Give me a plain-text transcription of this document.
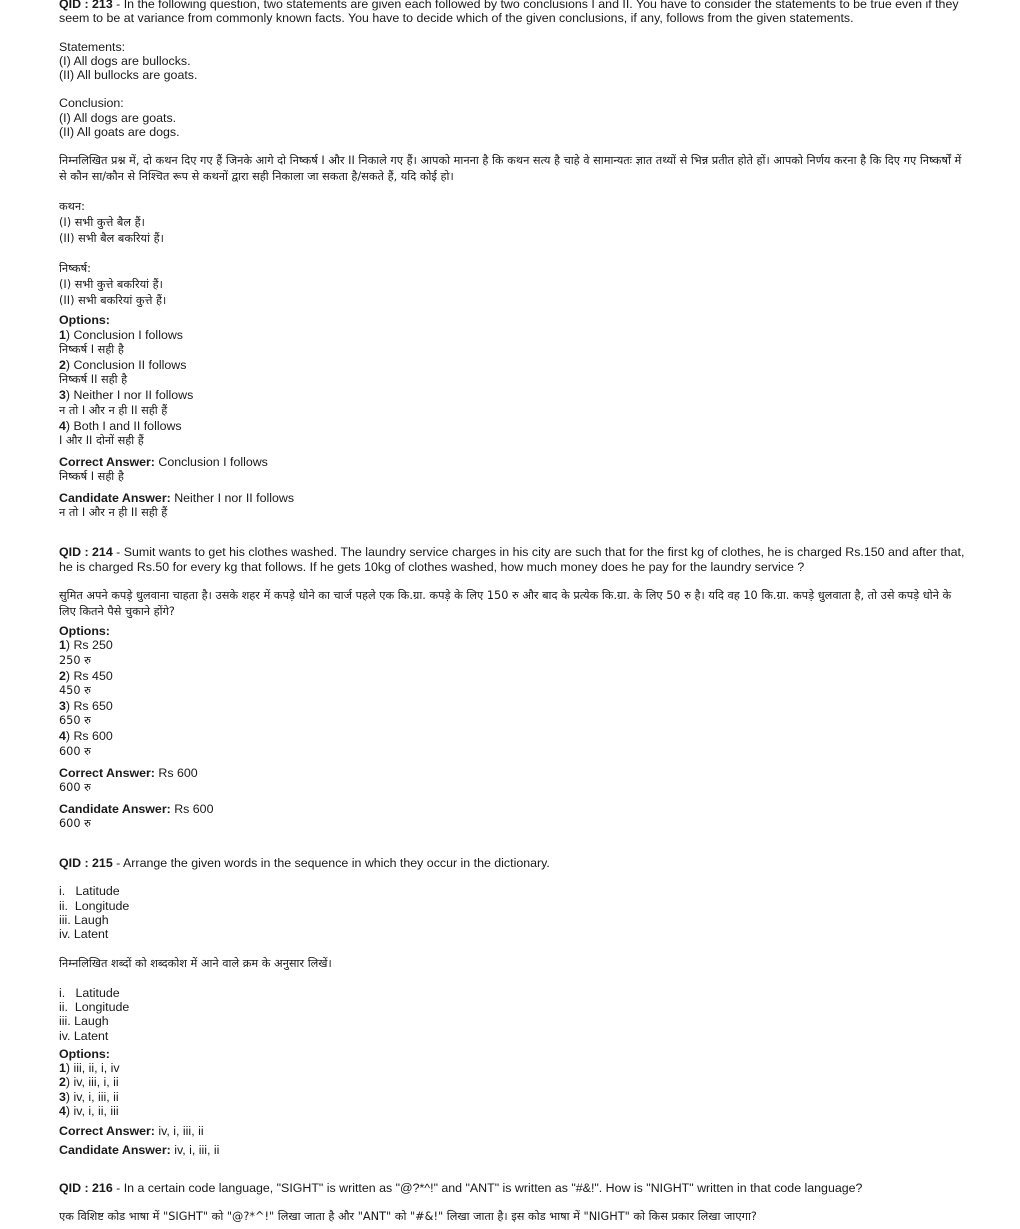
QID : 213 - In the following question, two statements are given each followed by two conclusions I and II. You have to consider the statements to be true even if they seem to be at variance from commonly known facts. You have to decide which of the given conclusions, if any, follows from the given statements.

Statements:
(I) All dogs are bullocks.
(II) All bullocks are goats.
Conclusion:
(I) All dogs are goats.
(II) All goats are dogs.

निम्नलिखित प्रश्न में, दो कथन दिए गए हैं जिनके आगे दो निष्कर्ष I और II निकाले गए हैं। आपको मानना है कि कथन सत्य है चाहे वे सामान्यतः ज्ञात तथ्यों से भिन्न प्रतीत होते हों। आपको निर्णय करना है कि दिए गए निष्कर्षों में से कौन सा/कौन से निश्चित रूप से कथनों द्वारा सही निकाला जा सकता है/सकते हैं, यदि कोई हो।

कथन:
(I) सभी कुत्ते बैल हैं।
(II) सभी बैल बकरियां हैं।
निष्कर्ष:
(I) सभी कुत्ते बकरियां हैं।
(II) सभी बकरियां कुत्ते हैं।
Options:
1) Conclusion I follows
निष्कर्ष I सही है
2) Conclusion II follows
निष्कर्ष II सही है
3) Neither I nor II follows
न तो I और न ही II सही हैं
4) Both I and II follows
I और II दोनों सही हैं
Correct Answer: Conclusion I follows
निष्कर्ष I सही है
Candidate Answer: Neither I nor II follows
न तो I और न ही II सही हैं

QID : 214 - Sumit wants to get his clothes washed. The laundry service charges in his city are such that for the first kg of clothes, he is charged Rs.150 and after that, he is charged Rs.50 for every kg that follows. If he gets 10kg of clothes washed, how much money does he pay for the laundry service ?

सुमित अपने कपड़े धुलवाना चाहता है। उसके शहर में कपड़े धोने का चार्ज पहले एक कि.ग्रा. कपड़े के लिए 150 रु और बाद के प्रत्येक कि.ग्रा. के लिए 50 रु है। यदि वह 10 कि.ग्रा. कपड़े धुलवाता है, तो उसे कपड़े धोने के लिए कितने पैसे चुकाने होंगे?

Options:
1) Rs 250
250 रु
2) Rs 450
450 रु
3) Rs 650
650 रु
4) Rs 600
600 रु
Correct Answer: Rs 600
600 रु
Candidate Answer: Rs 600
600 रु

QID : 215 - Arrange the given words in the sequence in which they occur in the dictionary.

i.   Latitude
ii.  Longitude
iii. Laugh
iv. Latent

निम्नलिखित शब्दों को शब्दकोश में आने वाले क्रम के अनुसार लिखें।

i.   Latitude
ii.  Longitude
iii. Laugh
iv. Latent
Options:
1) iii, ii, i, iv
2) iv, iii, i, ii
3) iv, i, iii, ii
4) iv, i, ii, iii
Correct Answer: iv, i, iii, ii
Candidate Answer: iv, i, iii, ii

QID : 216 - In a certain code language, "SIGHT" is written as "@?*^!" and "ANT" is written as "#&!". How is "NIGHT" written in that code language?

एक विशिष्ट कोड भाषा में "SIGHT" को "@?*^!" लिखा जाता है और "ANT" को "#&!" लिखा जाता है। इस कोड भाषा में "NIGHT" को किस प्रकार लिखा जाएगा?
